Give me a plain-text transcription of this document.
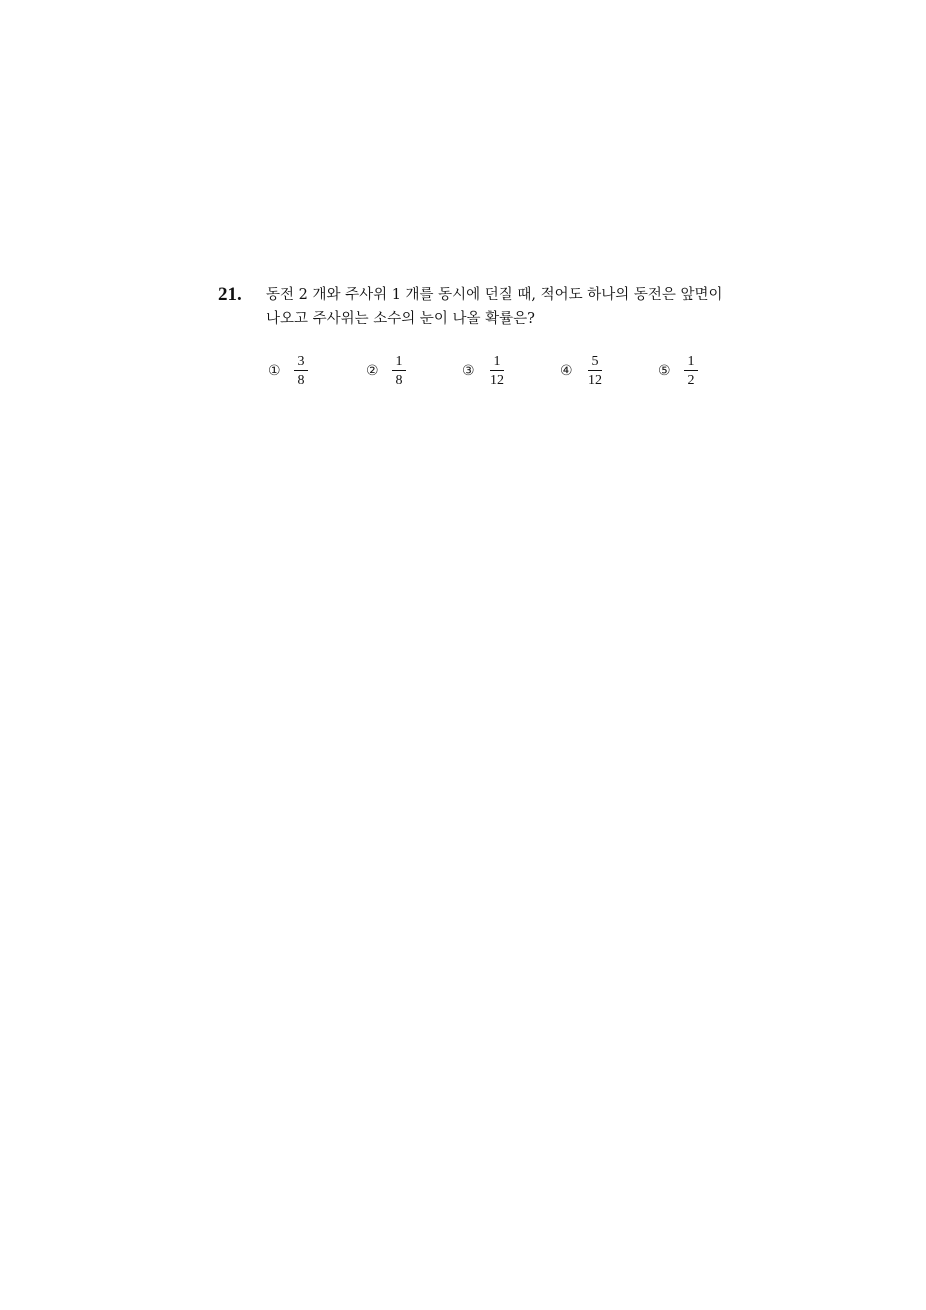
21. 동전 2 개와 주사위 1 개를 동시에 던질 때, 적어도 하나의 동전은 앞면이
나오고 주사위는 소수의 눈이 나올 확률은?
① $\frac{3}{8}$	② $\frac{1}{8}$	③ $\frac{1}{12}$	④ $\frac{5}{12}$	⑤ $\frac{1}{2}$
